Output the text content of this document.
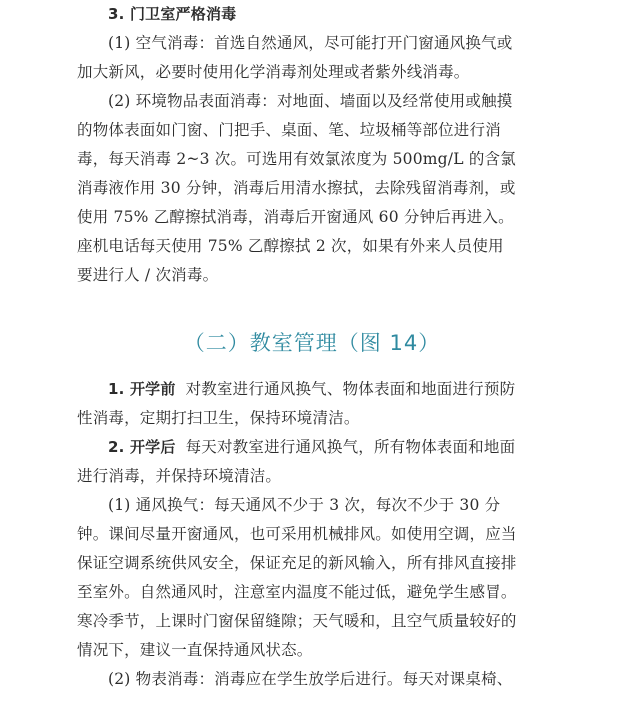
3. 门卫室严格消毒

(1) 空气消毒：首选自然通风，尽可能打开门窗通风换气或加大新风，必要时使用化学消毒剂处理或者紫外线消毒。

(2) 环境物品表面消毒：对地面、墙面以及经常使用或触摸的物体表面如门窗、门把手、桌面、笔、垃圾桶等部位进行消毒，每天消毒 2~3 次。可选用有效氯浓度为 500mg/L 的含氯消毒液作用 30 分钟，消毒后用清水擦拭，去除残留消毒剂，或使用 75% 乙醇擦拭消毒，消毒后开窗通风 60 分钟后再进入。座机电话每天使用 75% 乙醇擦拭 2 次，如果有外来人员使用要进行人 / 次消毒。

（二）教室管理（图 14）

1. 开学前 对教室进行通风换气、物体表面和地面进行预防性消毒，定期打扫卫生，保持环境清洁。

2. 开学后 每天对教室进行通风换气，所有物体表面和地面进行消毒，并保持环境清洁。

(1) 通风换气：每天通风不少于 3 次，每次不少于 30 分钟。课间尽量开窗通风，也可采用机械排风。如使用空调，应当保证空调系统供风安全，保证充足的新风输入，所有排风直接排至室外。自然通风时，注意室内温度不能过低，避免学生感冒。寒冷季节，上课时门窗保留缝隙；天气暖和，且空气质量较好的情况下，建议一直保持通风状态。

(2) 物表消毒：消毒应在学生放学后进行。每天对课桌椅、
